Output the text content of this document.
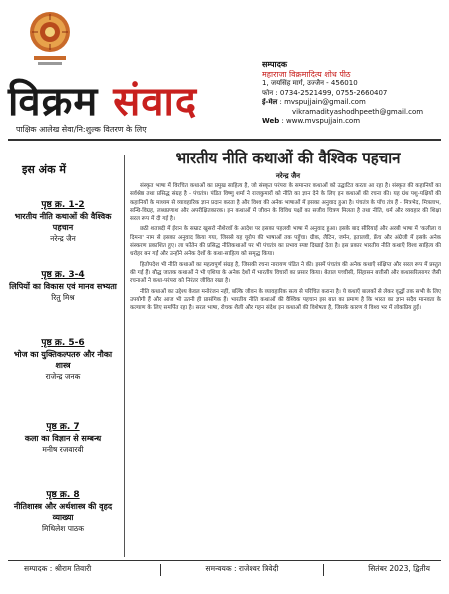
विक्रम संवाद
पाक्षिक आलेख सेवा/नि:शुल्क वितरण के लिए
सम्पादक
महाराजा विक्रमादित्य शोध पीठ
1, जयसिंह मार्ग, उज्जैन - 456010
फोन : 0734-2521499, 0755-2660407
ई-मेल : mvspujjain@gmail.com
vikramadityashodhpeeth@gmail.com
Web : www.mvspujjain.com
इस अंक में
पृष्ठ क्र. 1-2
भारतीय नीति कथाओं की वैश्विक पहचान
नरेन्द्र जैन
पृष्ठ क्र. 3-4
लिपियों का विकास एवं मानव सभ्यता
रितु मिश्र
पृष्ठ क्र. 5-6
भोज का युक्तिकल्पतरु और नौका शास्त्र
राजेन्द्र जनक
पृष्ठ क्र. 7
कला का विज्ञान से सम्बन्ध
मनीष रजवारवी
पृष्ठ क्र. 8
नीतिशास्त्र और अर्थशास्त्र की वृहद व्याख्या
मिथिलेश पाठक
भारतीय नीति कथाओं की वैश्विक पहचान
नरेन्द्र जैन

संस्कृत भाषा में विरचित कथाओं का प्रमुख साहित्य है, जो संस्कृत परंपरा के समान्तर कथाओं को उद्घाटित करता आ रहा है। संस्कृत की कहानियों का सर्वश्रेष्ठ तथा प्रसिद्ध संग्रह है - पंचतंत्र। पंडित विष्णु शर्मा ने राजकुमारों को नीति का ज्ञान देने के लिए इन कथाओं की रचना की। यह ग्रंथ पशु-पक्षियों की कहानियों के माध्यम से व्यावहारिक ज्ञान प्रदान करता है और विश्व की अनेक भाषाओं में इसका अनुवाद हुआ है। पंचतंत्र के पाँच तंत्र हैं - मित्रभेद, मित्रलाभ, सन्धि-विग्रह, लब्धप्रणाश और अपरीक्षितकारक। इन कथाओं में जीवन के विविध पक्षों का सजीव चित्रण मिलता है तथा नीति, धर्म और व्यवहार की शिक्षा सरल रूप में दी गई है।

छठी शताब्दी में ईरान के सम्राट खुसरो नौशेरवाँ के आदेश पर इसका पहलवी भाषा में अनुवाद हुआ। इसके बाद सीरियाई और अरबी भाषा में 'कलीला व दिमना' नाम से इसका अनुवाद किया गया, जिससे यह यूरोप की भाषाओं तक पहुँचा। ग्रीक, लैटिन, जर्मन, इतालवी, फ्रेंच और अंग्रेजी में इसके अनेक संस्करण प्रकाशित हुए। ला फोंतेन की प्रसिद्ध नीतिकथाओं पर भी पंचतंत्र का प्रभाव स्पष्ट दिखाई देता है। इस प्रकार भारतीय नीति कथाएँ विश्व साहित्य की धरोहर बन गईं और उन्होंने अनेक देशों के कथा-साहित्य को समृद्ध किया।

हितोपदेश भी नीति कथाओं का महत्वपूर्ण संग्रह है, जिसकी रचना नारायण पंडित ने की। इसमें पंचतंत्र की अनेक कथाएँ संक्षिप्त और सरल रूप में प्रस्तुत की गई हैं। बौद्ध जातक कथाओं ने भी एशिया के अनेक देशों में भारतीय विचारों का प्रसार किया। बेताल पच्चीसी, सिंहासन बत्तीसी और कथासरित्सागर जैसी रचनाओं ने कथा-परंपरा को निरंतर जीवित रखा है।

नीति कथाओं का उद्देश्य केवल मनोरंजन नहीं, बल्कि जीवन के व्यावहारिक सत्य से परिचित कराना है। ये कथाएँ बालकों से लेकर वृद्धों तक सभी के लिए उपयोगी हैं और आज भी उतनी ही प्रासंगिक हैं। भारतीय नीति कथाओं की वैश्विक पहचान इस बात का प्रमाण है कि भारत का ज्ञान सदैव मानवता के कल्याण के लिए समर्पित रहा है। सरल भाषा, रोचक शैली और गहन संदेश इन कथाओं की विशेषता है, जिसके कारण ये विश्व भर में लोकप्रिय हुईं।

सम्पादक : श्रीराम तिवारी	समन्वयक : राजेश्वर त्रिवेदी	सितंबर 2023, द्वितीय
